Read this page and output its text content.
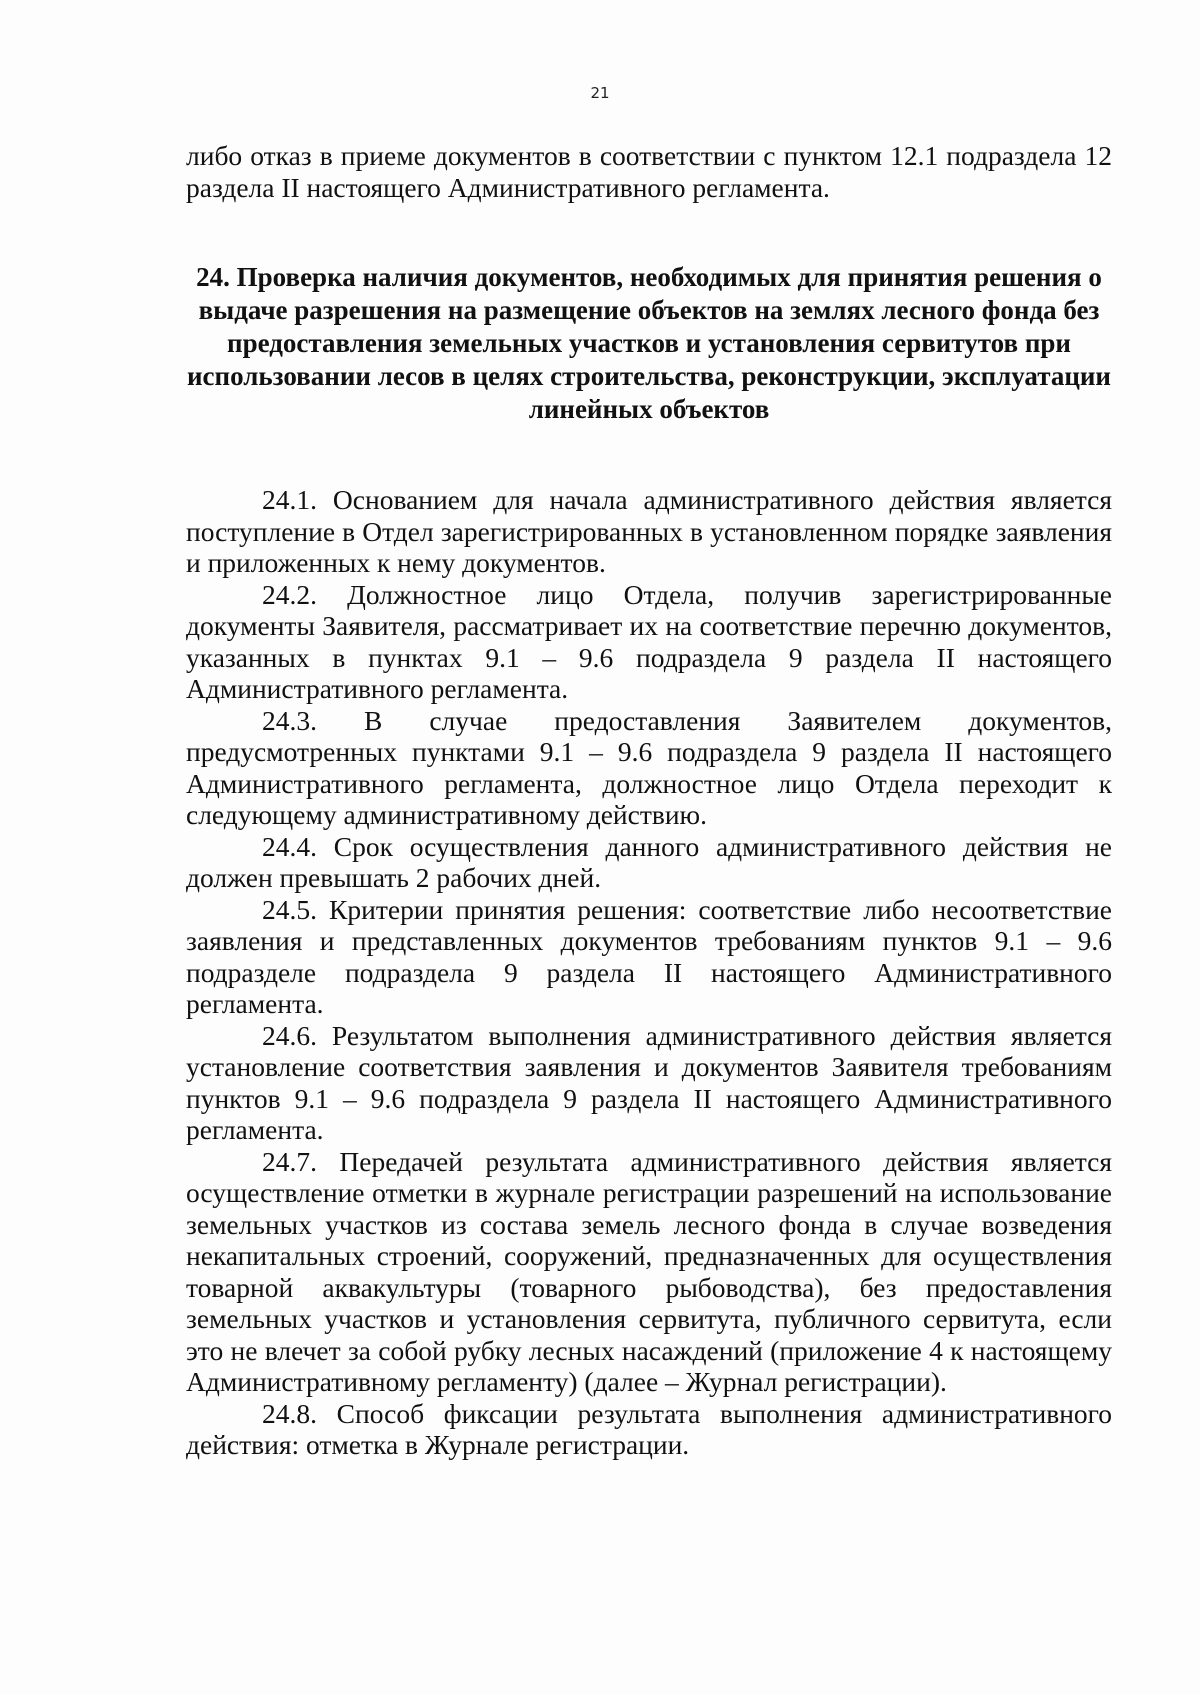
21

либо отказ в приеме документов в соответствии с пунктом 12.1 подраздела 12 раздела II настоящего Административного регламента.

24. Проверка наличия документов, необходимых для принятия решения о выдаче разрешения на размещение объектов на землях лесного фонда без предоставления земельных участков и установления сервитутов при использовании лесов в целях строительства, реконструкции, эксплуатации линейных объектов

24.1. Основанием для начала административного действия является поступление в Отдел зарегистрированных в установленном порядке заявления и приложенных к нему документов.

24.2. Должностное лицо Отдела, получив зарегистрированные документы Заявителя, рассматривает их на соответствие перечню документов, указанных в пунктах 9.1 – 9.6 подраздела 9 раздела II настоящего Административного регламента.

24.3. В случае предоставления Заявителем документов, предусмотренных пунктами 9.1 – 9.6 подраздела 9 раздела II настоящего Административного регламента, должностное лицо Отдела переходит к следующему административному действию.

24.4. Срок осуществления данного административного действия не должен превышать 2 рабочих дней.

24.5. Критерии принятия решения: соответствие либо несоответствие заявления и представленных документов требованиям пунктов 9.1 – 9.6 подразделе подраздела 9 раздела II настоящего Административного регламента.

24.6. Результатом выполнения административного действия является установление соответствия заявления и документов Заявителя требованиям пунктов 9.1 – 9.6 подраздела 9 раздела II настоящего Административного регламента.

24.7. Передачей результата административного действия является осуществление отметки в журнале регистрации разрешений на использование земельных участков из состава земель лесного фонда в случае возведения некапитальных строений, сооружений, предназначенных для осуществления товарной аквакультуры (товарного рыбоводства), без предоставления земельных участков и установления сервитута, публичного сервитута, если это не влечет за собой рубку лесных насаждений (приложение 4 к настоящему Административному регламенту) (далее – Журнал регистрации).

24.8. Способ фиксации результата выполнения административного действия: отметка в Журнале регистрации.
